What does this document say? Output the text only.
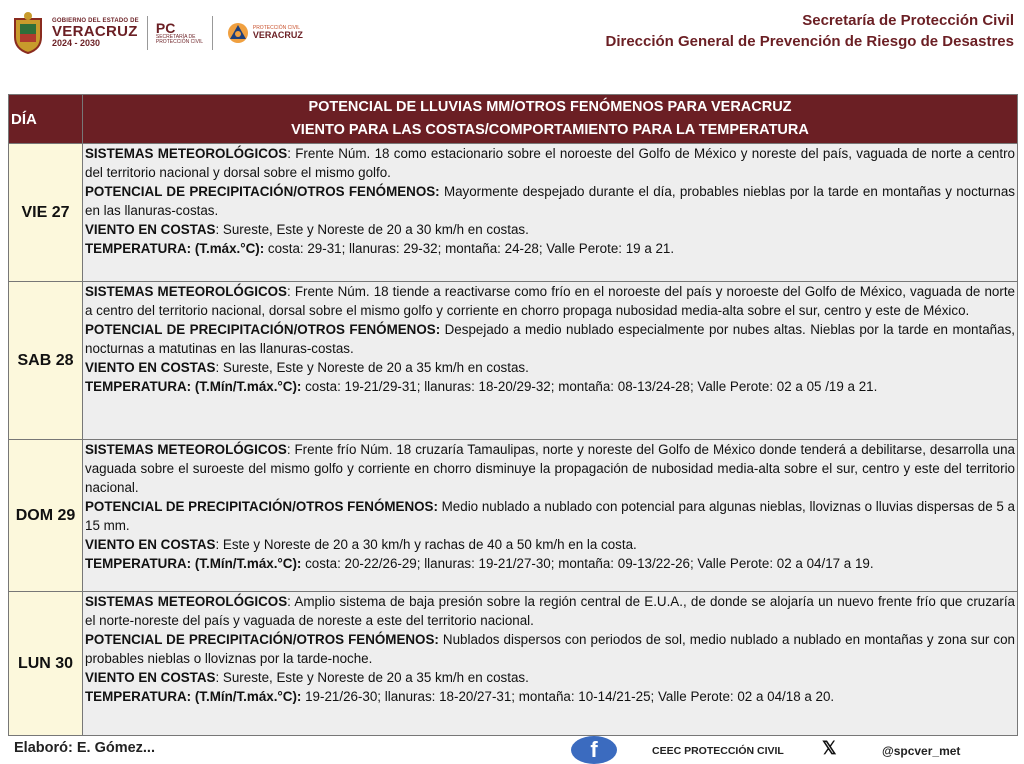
GOBIERNO DEL ESTADO DE
VERACRUZ
2024 - 2030
PC
SECRETARÍA DE PROTECCIÓN CIVIL
PROTECCIÓN CIVIL
VERACRUZ
Secretaría de Protección Civil
Dirección General de Prevención de Riesgo de Desastres
DÍA	POTENCIAL DE LLUVIAS MM/OTROS FENÓMENOS PARA VERACRUZ
VIENTO PARA LAS COSTAS/COMPORTAMIENTO PARA LA TEMPERATURA

VIE 27	SISTEMAS METEOROLÓGICOS: Frente Núm. 18 como estacionario sobre el noroeste del Golfo de México y noreste del país, vaguada de norte a centro del territorio nacional y dorsal sobre el mismo golfo.
POTENCIAL DE PRECIPITACIÓN/OTROS FENÓMENOS: Mayormente despejado durante el día, probables nieblas por la tarde en montañas y nocturnas en las llanuras-costas.
VIENTO EN COSTAS: Sureste, Este y Noreste de 20 a 30 km/h en costas.
TEMPERATURA: (T.máx.°C): costa: 29-31; llanuras: 29-32; montaña: 24-28; Valle Perote: 19 a 21.
SAB 28	SISTEMAS METEOROLÓGICOS: Frente Núm. 18 tiende a reactivarse como frío en el noroeste del país y noroeste del Golfo de México, vaguada de norte a centro del territorio nacional, dorsal sobre el mismo golfo y corriente en chorro propaga nubosidad media-alta sobre el sur, centro y este de México.
POTENCIAL DE PRECIPITACIÓN/OTROS FENÓMENOS: Despejado a medio nublado especialmente por nubes altas. Nieblas por la tarde en montañas, nocturnas a matutinas en las llanuras-costas.
VIENTO EN COSTAS: Sureste, Este y Noreste de 20 a 35 km/h en costas.
TEMPERATURA: (T.Mín/T.máx.°C): costa: 19-21/29-31; llanuras: 18-20/29-32; montaña: 08-13/24-28; Valle Perote: 02 a 05 /19 a 21.
DOM 29	SISTEMAS METEOROLÓGICOS: Frente frío Núm. 18 cruzaría Tamaulipas, norte y noreste del Golfo de México donde tenderá a debilitarse, desarrolla una vaguada sobre el suroeste del mismo golfo y corriente en chorro disminuye la propagación de nubosidad media-alta sobre el sur, centro y este del territorio nacional.
POTENCIAL DE PRECIPITACIÓN/OTROS FENÓMENOS: Medio nublado a nublado con potencial para algunas nieblas, lloviznas o lluvias dispersas de 5 a 15 mm.
VIENTO EN COSTAS: Este y Noreste de 20 a 30 km/h y rachas de 40 a 50 km/h en la costa.
TEMPERATURA: (T.Mín/T.máx.°C): costa: 20-22/26-29; llanuras: 19-21/27-30; montaña: 09-13/22-26; Valle Perote: 02 a 04/17 a 19.
LUN 30	SISTEMAS METEOROLÓGICOS: Amplio sistema de baja presión sobre la región central de E.U.A., de donde se alojaría un nuevo frente frío que cruzaría el norte-noreste del país y vaguada de noreste a este del territorio nacional.
POTENCIAL DE PRECIPITACIÓN/OTROS FENÓMENOS: Nublados dispersos con periodos de sol, medio nublado a nublado en montañas y zona sur con probables nieblas o lloviznas por la tarde-noche.
VIENTO EN COSTAS: Sureste, Este y Noreste de 20 a 35 km/h en costas.
TEMPERATURA: (T.Mín/T.máx.°C): 19-21/26-30; llanuras: 18-20/27-31; montaña: 10-14/21-25; Valle Perote: 02 a 04/18 a 20.
Elaboró: E. Gómez...	f	CEEC PROTECCIÓN CIVIL 𝕏	@spcver_met
